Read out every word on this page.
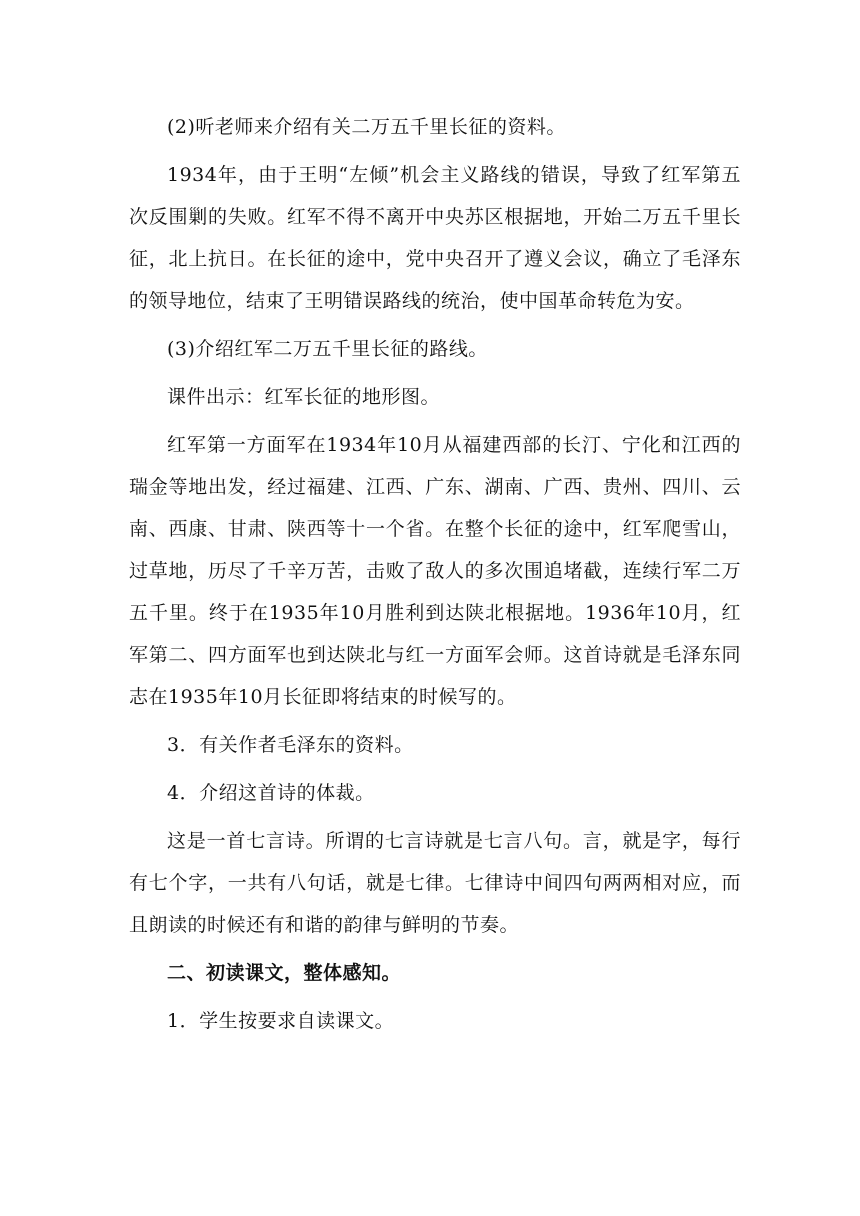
(2)听老师来介绍有关二万五千里长征的资料。

1934年，由于王明“左倾”机会主义路线的错误，导致了红军第五次反围剿的失败。红军不得不离开中央苏区根据地，开始二万五千里长征，北上抗日。在长征的途中，党中央召开了遵义会议，确立了毛泽东的领导地位，结束了王明错误路线的统治，使中国革命转危为安。

(3)介绍红军二万五千里长征的路线。

课件出示：红军长征的地形图。

红军第一方面军在1934年10月从福建西部的长汀、宁化和江西的瑞金等地出发，经过福建、江西、广东、湖南、广西、贵州、四川、云南、西康、甘肃、陕西等十一个省。在整个长征的途中，红军爬雪山，过草地，历尽了千辛万苦，击败了敌人的多次围追堵截，连续行军二万五千里。终于在1935年10月胜利到达陕北根据地。1936年10月，红军第二、四方面军也到达陕北与红一方面军会师。这首诗就是毛泽东同志在1935年10月长征即将结束的时候写的。

3．有关作者毛泽东的资料。

4．介绍这首诗的体裁。

这是一首七言诗。所谓的七言诗就是七言八句。言，就是字，每行有七个字，一共有八句话，就是七律。七律诗中间四句两两相对应，而且朗读的时候还有和谐的韵律与鲜明的节奏。

二、初读课文，整体感知。

1．学生按要求自读课文。
